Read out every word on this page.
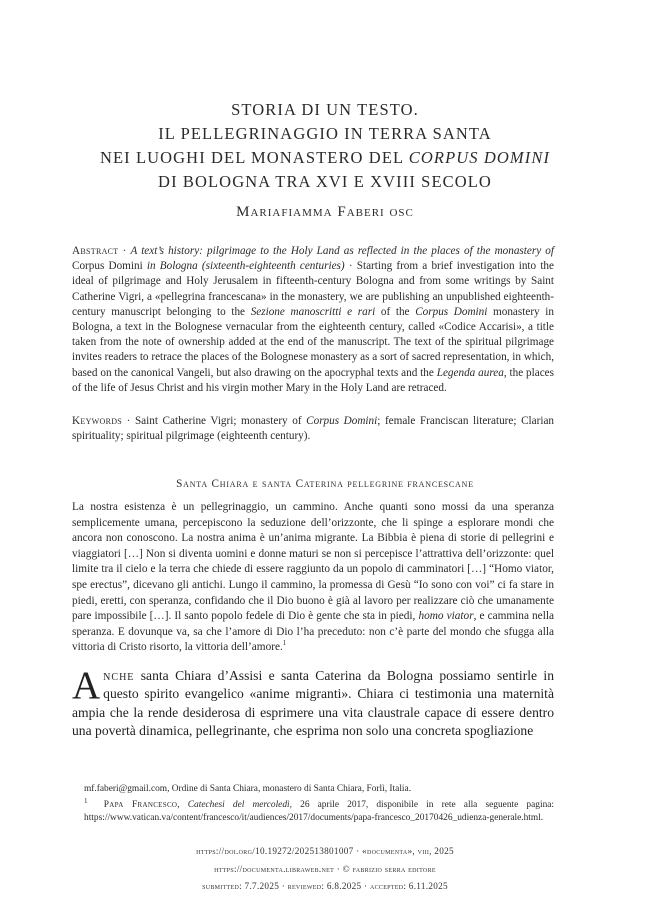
STORIA DI UN TESTO.
IL PELLEGRINAGGIO IN TERRA SANTA
NEI LUOGHI DEL MONASTERO DEL CORPUS DOMINI
DI BOLOGNA TRA XVI E XVIII SECOLO
Mariafiamma Faberi osc
Abstract · A text’s history: pilgrimage to the Holy Land as reflected in the places of the monastery of Corpus Domini in Bologna (sixteenth-eighteenth centuries) · Starting from a brief investigation into the ideal of pilgrimage and Holy Jerusalem in fifteenth-century Bologna and from some writings by Saint Catherine Vigri, a «pellegrina francescana» in the monastery, we are publishing an unpublished eighteenth-century manuscript belonging to the Sezione manoscritti e rari of the Corpus Domini monastery in Bologna, a text in the Bolognese vernacular from the eighteenth century, called «Codice Accarisi», a title taken from the note of ownership added at the end of the manuscript. The text of the spiritual pilgrimage invites readers to retrace the places of the Bolognese monastery as a sort of sacred representation, in which, based on the canonical Vangeli, but also drawing on the apocryphal texts and the Legenda aurea, the places of the life of Jesus Christ and his virgin mother Mary in the Holy Land are retraced.
Keywords · Saint Catherine Vigri; monastery of Corpus Domini; female Franciscan literature; Clarian spirituality; spiritual pilgrimage (eighteenth century).
Santa Chiara e santa Caterina pellegrine francescane
La nostra esistenza è un pellegrinaggio, un cammino. Anche quanti sono mossi da una speranza semplicemente umana, percepiscono la seduzione dell’orizzonte, che li spinge a esplorare mondi che ancora non conoscono. La nostra anima è un’anima migrante. La Bibbia è piena di storie di pellegrini e viaggiatori […] Non si diventa uomini e donne maturi se non si percepisce l’attrattiva dell’orizzonte: quel limite tra il cielo e la terra che chiede di essere raggiunto da un popolo di camminatori […] “Homo viator, spe erectus”, dicevano gli antichi. Lungo il cammino, la promessa di Gesù “Io sono con voi” ci fa stare in piedi, eretti, con speranza, confidando che il Dio buono è già al lavoro per realizzare ciò che umanamente pare impossibile […]. Il santo popolo fedele di Dio è gente che sta in piedi, homo viator, e cammina nella speranza. E dovunque va, sa che l’amore di Dio l’ha preceduto: non c’è parte del mondo che sfugga alla vittoria di Cristo risorto, la vittoria dell’amore.$^1$
Anche santa Chiara d’Assisi e santa Caterina da Bologna possiamo sentirle in questo spirito evangelico «anime migranti». Chiara ci testimonia una maternità ampia che la rende desiderosa di esprimere una vita claustrale capace di essere dentro una povertà dinamica, pellegrinante, che esprima non solo una concreta spogliazione

mf.faberi@gmail.com, Ordine di Santa Chiara, monastero di Santa Chiara, Forlì, Italia.

$^1$ Papa Francesco, Catechesi del mercoledì, 26 aprile 2017, disponibile in rete alla seguente pagina: https://www.vatican.va/content/francesco/it/audiences/2017/documents/papa-francesco_20170426_udienza-generale.html.

https://doi.org/10.19272/202513801007 · «documenta», viii, 2025
https://documenta.libraweb.net · © fabrizio serra editore
submitted: 7.7.2025 · reviewed: 6.8.2025 · accepted: 6.11.2025
